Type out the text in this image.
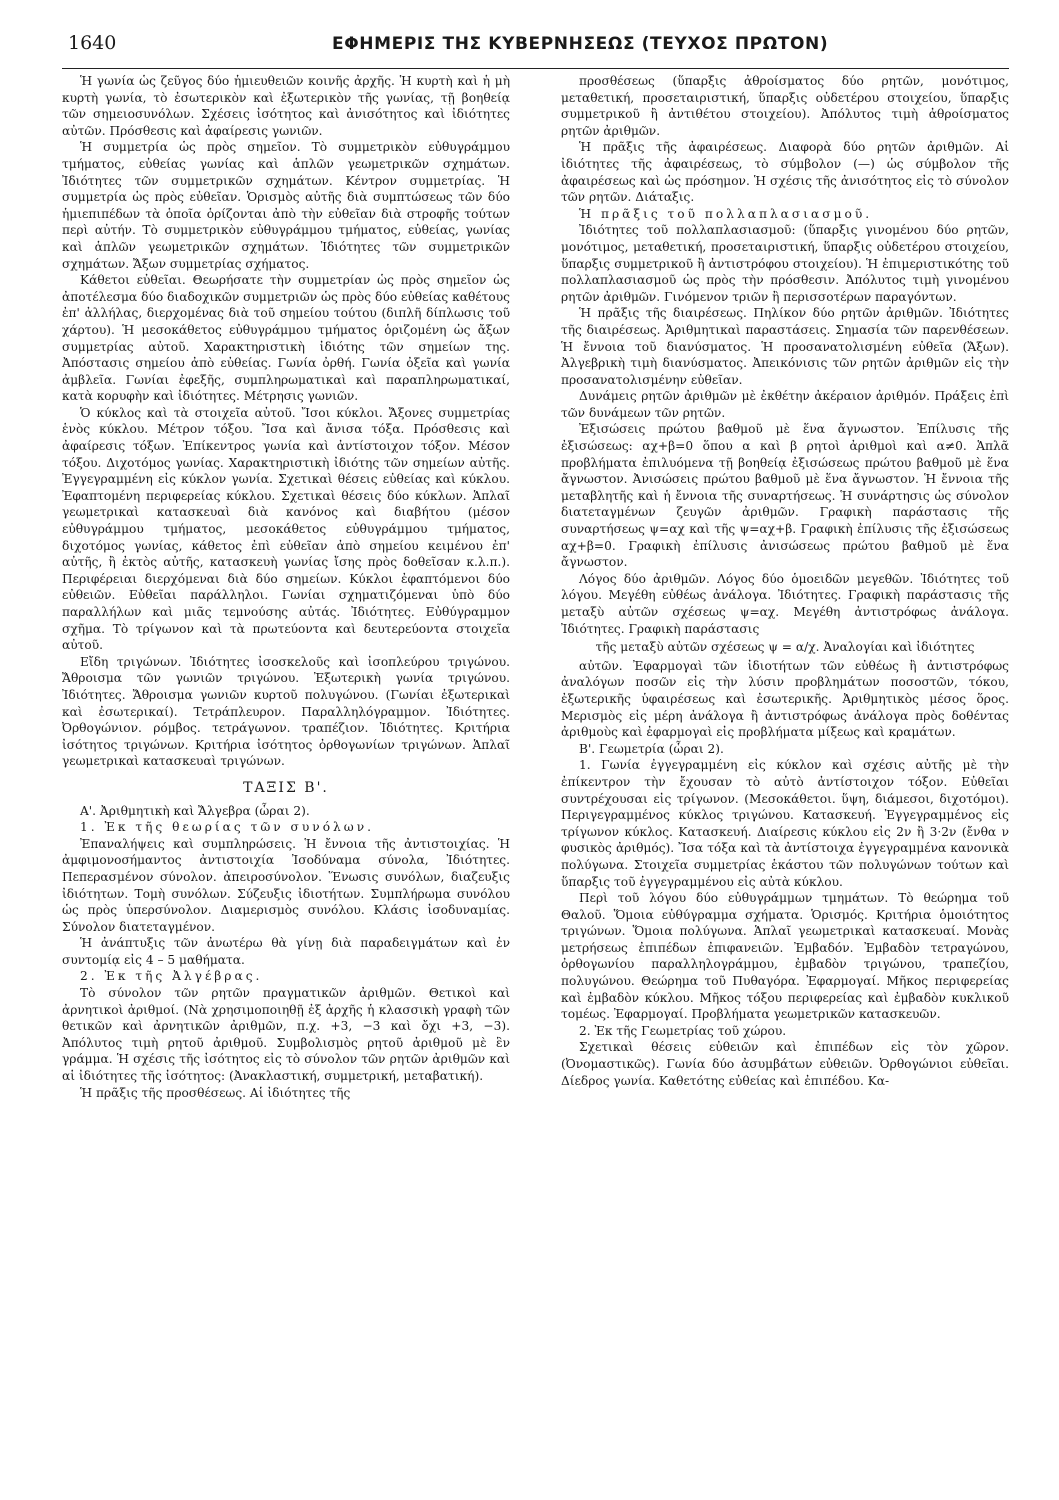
1640	ΕΦΗΜΕΡΙΣ ΤΗΣ ΚΥΒΕΡΝΗΣΕΩΣ (ΤΕΥΧΟΣ ΠΡΩΤΟΝ)

Ἡ γωνία ὡς ζεῦγος δύο ἡμιευθειῶν κοινῆς ἀρχῆς. Ἡ κυρτὴ καὶ ἡ μὴ κυρτὴ γωνία, τὸ ἐσωτερικὸν καὶ ἐξωτερικὸν τῆς γωνίας, τῇ βοηθείᾳ τῶν σημειοσυνόλων. Σχέσεις ἰσότητος καὶ ἀνισότητος καὶ ἰδιότητες αὐτῶν. Πρόσθεσις καὶ ἀφαίρεσις γωνιῶν.

Ἡ συμμετρία ὡς πρὸς σημεῖον. Τὸ συμμετρικὸν εὐθυγράμμου τμήματος, εὐθείας γωνίας καὶ ἁπλῶν γεωμετρικῶν σχημάτων. Ἰδιότητες τῶν συμμετρικῶν σχημάτων. Κέντρον συμμετρίας. Ἡ συμμετρία ὡς πρὸς εὐθεῖαν. Ὁρισμὸς αὐτῆς διὰ συμπτώσεως τῶν δύο ἡμιεπιπέδων τὰ ὁποῖα ὁρίζονται ἀπὸ τὴν εὐθεῖαν διὰ στροφῆς τούτων περὶ αὐτήν. Τὸ συμμετρικὸν εὐθυγράμμου τμήματος, εὐθείας, γωνίας καὶ ἁπλῶν γεωμετρικῶν σχημάτων. Ἰδιότητες τῶν συμμετρικῶν σχημάτων. Ἄξων συμμετρίας σχήματος.

Κάθετοι εὐθεῖαι. Θεωρήσατε τὴν συμμετρίαν ὡς πρὸς σημεῖον ὡς ἀποτέλεσμα δύο διαδοχικῶν συμμετριῶν ὡς πρὸς δύο εὐθείας καθέτους ἐπ' ἀλλήλας, διερχομένας διὰ τοῦ σημείου τούτου (διπλῆ δίπλωσις τοῦ χάρτου). Ἡ μεσοκάθετος εὐθυγράμμου τμήματος ὁριζομένη ὡς ἄξων συμμετρίας αὐτοῦ. Χαρακτηριστικὴ ἰδιότης τῶν σημείων της. Ἀπόστασις σημείου ἀπὸ εὐθείας. Γωνία ὀρθή. Γωνία ὀξεῖα καὶ γωνία ἀμβλεῖα. Γωνίαι ἐφεξῆς, συμπληρωματικαὶ καὶ παραπληρωματικαί, κατὰ κορυφὴν καὶ ἰδιότητες. Μέτρησις γωνιῶν.

Ὁ κύκλος καὶ τὰ στοιχεῖα αὐτοῦ. Ἴσοι κύκλοι. Ἄξονες συμμετρίας ἑνὸς κύκλου. Μέτρον τόξου. Ἴσα καὶ ἄνισα τόξα. Πρόσθεσις καὶ ἀφαίρεσις τόξων. Ἐπίκεντρος γωνία καὶ ἀντίστοιχον τόξον. Μέσον τόξου. Διχοτόμος γωνίας. Χαρακτηριστικὴ ἰδιότης τῶν σημείων αὐτῆς. Ἐγγεγραμμένη εἰς κύκλον γωνία. Σχετικαὶ θέσεις εὐθείας καὶ κύκλου. Ἐφαπτομένη περιφερείας κύκλου. Σχετικαὶ θέσεις δύο κύκλων. Ἁπλαῖ γεωμετρικαὶ κατασκευαὶ διὰ κανόνος καὶ διαβήτου (μέσον εὐθυγράμμου τμήματος, μεσοκάθετος εὐθυγράμμου τμήματος, διχοτόμος γωνίας, κάθετος ἐπὶ εὐθεῖαν ἀπὸ σημείου κειμένου ἐπ' αὐτῆς, ἢ ἐκτὸς αὐτῆς, κατασκευὴ γωνίας ἴσης πρὸς δοθεῖσαν κ.λ.π.). Περιφέρειαι διερχόμεναι διὰ δύο σημείων. Κύκλοι ἐφαπτόμενοι δύο εὐθειῶν. Εὐθεῖαι παράλληλοι. Γωνίαι σχηματιζόμεναι ὑπὸ δύο παραλλήλων καὶ μιᾶς τεμνούσης αὐτάς. Ἰδιότητες. Εὐθύγραμμον σχῆμα. Τὸ τρίγωνον καὶ τὰ πρωτεύοντα καὶ δευτερεύοντα στοιχεῖα αὐτοῦ.

Εἴδη τριγώνων. Ἰδιότητες ἰσοσκελοῦς καὶ ἰσοπλεύρου τριγώνου. Ἄθροισμα τῶν γωνιῶν τριγώνου. Ἐξωτερικὴ γωνία τριγώνου. Ἰδιότητες. Ἄθροισμα γωνιῶν κυρτοῦ πολυγώνου. (Γωνίαι ἐξωτερικαὶ καὶ ἐσωτερικαί). Τετράπλευρον. Παραλληλόγραμμον. Ἰδιότητες. Ὀρθογώνιον. ρόμβος. τετράγωνον. τραπέζιον. Ἰδιότητες. Κριτήρια ἰσότητος τριγώνων. Κριτήρια ἰσότητος ὀρθογωνίων τριγώνων. Ἁπλαῖ γεωμετρικαὶ κατασκευαὶ τριγώνων.

ΤΑΞΙΣ Β'.

Α'. Ἀριθμητικὴ καὶ Ἄλγεβρα (ὧραι 2).

1. Ἐκ τῆς θεωρίας τῶν συνόλων.

Ἐπαναλήψεις καὶ συμπληρώσεις. Ἡ ἔννοια τῆς ἀντιστοιχίας. Ἡ ἀμφιμονοσήμαντος ἀντιστοιχία Ἰσοδύναμα σύνολα, Ἰδιότητες. Πεπερασμένον σύνολον. ἀπειροσύνολον. Ἕνωσις συνόλων, διαζευξις ἰδιότητων. Τομὴ συνόλων. Σύζευξις ἰδιοτήτων. Συμπλήρωμα συνόλου ὡς πρὸς ὑπερσύνολον. Διαμερισμὸς συνόλου. Κλάσις ἰσοδυναμίας. Σύνολον διατεταγμένον.

Ἡ ἀνάπτυξις τῶν ἀνωτέρω θὰ γίνῃ διὰ παραδειγμάτων καὶ ἐν συντομίᾳ εἰς 4 – 5 μαθήματα.

2. Ἐκ τῆς Ἀλγέβρας.

Τὸ σύνολον τῶν ρητῶν πραγματικῶν ἀριθμῶν. Θετικοὶ καὶ ἀρνητικοὶ ἀριθμοί. (Νὰ χρησιμοποιηθῇ ἐξ ἀρχῆς ἡ κλασσικὴ γραφὴ τῶν θετικῶν καὶ ἀρνητικῶν ἀριθμῶν, π.χ. +3, −3 καὶ ὄχι +3, −3). Ἀπόλυτος τιμὴ ρητοῦ ἀριθμοῦ. Συμβολισμὸς ρητοῦ ἀριθμοῦ μὲ ἓν γράμμα. Ἡ σχέσις τῆς ἰσότητος εἰς τὸ σύνολον τῶν ρητῶν ἀριθμῶν καὶ αἱ ἰδιότητες τῆς ἰσότητος: (Ἀνακλαστική, συμμετρική, μεταβατική).

Ἡ πρᾶξις τῆς προσθέσεως. Αἱ ἰδιότητες τῆς

προσθέσεως (ὕπαρξις ἀθροίσματος δύο ρητῶν, μονότιμος, μεταθετική, προσεταιριστική, ὕπαρξις οὐδετέρου στοιχείου, ὕπαρξις συμμετρικοῦ ἢ ἀντιθέτου στοιχείου). Ἀπόλυτος τιμὴ ἀθροίσματος ρητῶν ἀριθμῶν.

Ἡ πρᾶξις τῆς ἀφαιρέσεως. Διαφορὰ δύο ρητῶν ἀριθμῶν. Αἱ ἰδιότητες τῆς ἀφαιρέσεως, τὸ σύμβολον (—) ὡς σύμβολον τῆς ἀφαιρέσεως καὶ ὡς πρόσημον. Ἡ σχέσις τῆς ἀνισότητος εἰς τὸ σύνολον τῶν ρητῶν. Διάταξις.

Ἡ πρᾶξις τοῦ πολλαπλασιασμοῦ.

Ἰδιότητες τοῦ πολλαπλασιασμοῦ: (ὕπαρξις γινομένου δύο ρητῶν, μονότιμος, μεταθετική, προσεταιριστική, ὕπαρξις οὐδετέρου στοιχείου, ὕπαρξις συμμετρικοῦ ἢ ἀντιστρόφου στοιχείου). Ἡ ἐπιμεριστικότης τοῦ πολλαπλασιασμοῦ ὡς πρὸς τὴν πρόσθεσιν. Ἀπόλυτος τιμὴ γινομένου ρητῶν ἀριθμῶν. Γινόμενον τριῶν ἢ περισσοτέρων παραγόντων.

Ἡ πρᾶξις τῆς διαιρέσεως. Πηλίκον δύο ρητῶν ἀριθμῶν. Ἰδιότητες τῆς διαιρέσεως. Ἀριθμητικαὶ παραστάσεις. Σημασία τῶν παρενθέσεων. Ἡ ἔννοια τοῦ διανύσματος. Ἡ προσανατολισμένη εὐθεῖα (Ἄξων). Ἀλγεβρικὴ τιμὴ διανύσματος. Ἀπεικόνισις τῶν ρητῶν ἀριθμῶν εἰς τὴν προσανατολισμένην εὐθεῖαν.

Δυνάμεις ρητῶν ἀριθμῶν μὲ ἐκθέτην ἀκέραιον ἀριθμόν. Πράξεις ἐπὶ τῶν δυνάμεων τῶν ρητῶν.

Ἐξισώσεις πρώτου βαθμοῦ μὲ ἕνα ἄγνωστον. Ἐπίλυσις τῆς ἐξισώσεως: αχ+β=0 ὅπου α καὶ β ρητοὶ ἀριθμοὶ καὶ α≠0. Ἁπλᾶ προβλήματα ἐπιλυόμενα τῇ βοηθείᾳ ἐξισώσεως πρώτου βαθμοῦ μὲ ἕνα ἄγνωστον. Ἀνισώσεις πρώτου βαθμοῦ μὲ ἕνα ἄγνωστον. Ἡ ἔννοια τῆς μεταβλητῆς καὶ ἡ ἔννοια τῆς συναρτήσεως. Ἡ συνάρτησις ὡς σύνολον διατεταγμένων ζευγῶν ἀριθμῶν. Γραφικὴ παράστασις τῆς συναρτήσεως ψ=αχ καὶ τῆς ψ=αχ+β. Γραφικὴ ἐπίλυσις τῆς ἐξισώσεως αχ+β=0. Γραφικὴ ἐπίλυσις ἀνισώσεως πρώτου βαθμοῦ μὲ ἕνα ἄγνωστον.

Λόγος δύο ἀριθμῶν. Λόγος δύο ὁμοειδῶν μεγεθῶν. Ἰδιότητες τοῦ λόγου. Μεγέθη εὐθέως ἀνάλογα. Ἰδιότητες. Γραφικὴ παράστασις τῆς μεταξὺ αὐτῶν σχέσεως ψ=αχ. Μεγέθη ἀντιστρόφως ἀνάλογα. Ἰδιότητες. Γραφικὴ παράστασις

τῆς μεταξὺ αὐτῶν σχέσεως ψ = α/χ. Ἀναλογίαι καὶ ἰδιότητες

αὐτῶν. Ἐφαρμογαὶ τῶν ἰδιοτήτων τῶν εὐθέως ἢ ἀντιστρόφως ἀναλόγων ποσῶν εἰς τὴν λύσιν προβλημάτων ποσοστῶν, τόκου, ἐξωτερικῆς ὑφαιρέσεως καὶ ἐσωτερικῆς. Ἀριθμητικὸς μέσος ὅρος. Μερισμὸς εἰς μέρη ἀνάλογα ἢ ἀντιστρόφως ἀνάλογα πρὸς δοθέντας ἀριθμοὺς καὶ ἐφαρμογαὶ εἰς προβλήματα μίξεως καὶ κραμάτων.

Β'. Γεωμετρία (ὧραι 2).

1. Γωνία ἐγγεγραμμένη εἰς κύκλον καὶ σχέσις αὐτῆς μὲ τὴν ἐπίκεντρον τὴν ἔχουσαν τὸ αὐτὸ ἀντίστοιχον τόξον. Εὐθεῖαι συντρέχουσαι εἰς τρίγωνον. (Μεσοκάθετοι. ὕψη, διάμεσοι, διχοτόμοι). Περιγεγραμμένος κύκλος τριγώνου. Κατασκευή. Ἐγγεγραμμένος εἰς τρίγωνον κύκλος. Κατασκευή. Διαίρεσις κύκλου εἰς 2ν ἢ 3·2ν (ἔνθα ν φυσικὸς ἀριθμός). Ἴσα τόξα καὶ τὰ ἀντίστοιχα ἐγγεγραμμένα κανονικὰ πολύγωνα. Στοιχεῖα συμμετρίας ἑκάστου τῶν πολυγώνων τούτων καὶ ὕπαρξις τοῦ ἐγγεγραμμένου εἰς αὐτὰ κύκλου.

Περὶ τοῦ λόγου δύο εὐθυγράμμων τμημάτων. Τὸ θεώρημα τοῦ Θαλοῦ. Ὅμοια εὐθύγραμμα σχήματα. Ὁρισμός. Κριτήρια ὁμοιότητος τριγώνων. Ὅμοια πολύγωνα. Ἁπλαῖ γεωμετρικαὶ κατασκευαί. Μονὰς μετρήσεως ἐπιπέδων ἐπιφανειῶν. Ἐμβαδόν. Ἐμβαδὸν τετραγώνου, ὀρθογωνίου παραλληλογράμμου, ἐμβαδὸν τριγώνου, τραπεζίου, πολυγώνου. Θεώρημα τοῦ Πυθαγόρα. Ἐφαρμογαί. Μῆκος περιφερείας καὶ ἐμβαδὸν κύκλου. Μῆκος τόξου περιφερείας καὶ ἐμβαδὸν κυκλικοῦ τομέως. Ἐφαρμογαί. Προβλήματα γεωμετρικῶν κατασκευῶν.

2. Ἐκ τῆς Γεωμετρίας τοῦ χώρου.

Σχετικαὶ θέσεις εὐθειῶν καὶ ἐπιπέδων εἰς τὸν χῶρον. (Ὀνομαστικῶς). Γωνία δύο ἀσυμβάτων εὐθειῶν. Ὀρθογώνιοι εὐθεῖαι. Δίεδρος γωνία. Καθετότης εὐθείας καὶ ἐπιπέδου. Κα-
